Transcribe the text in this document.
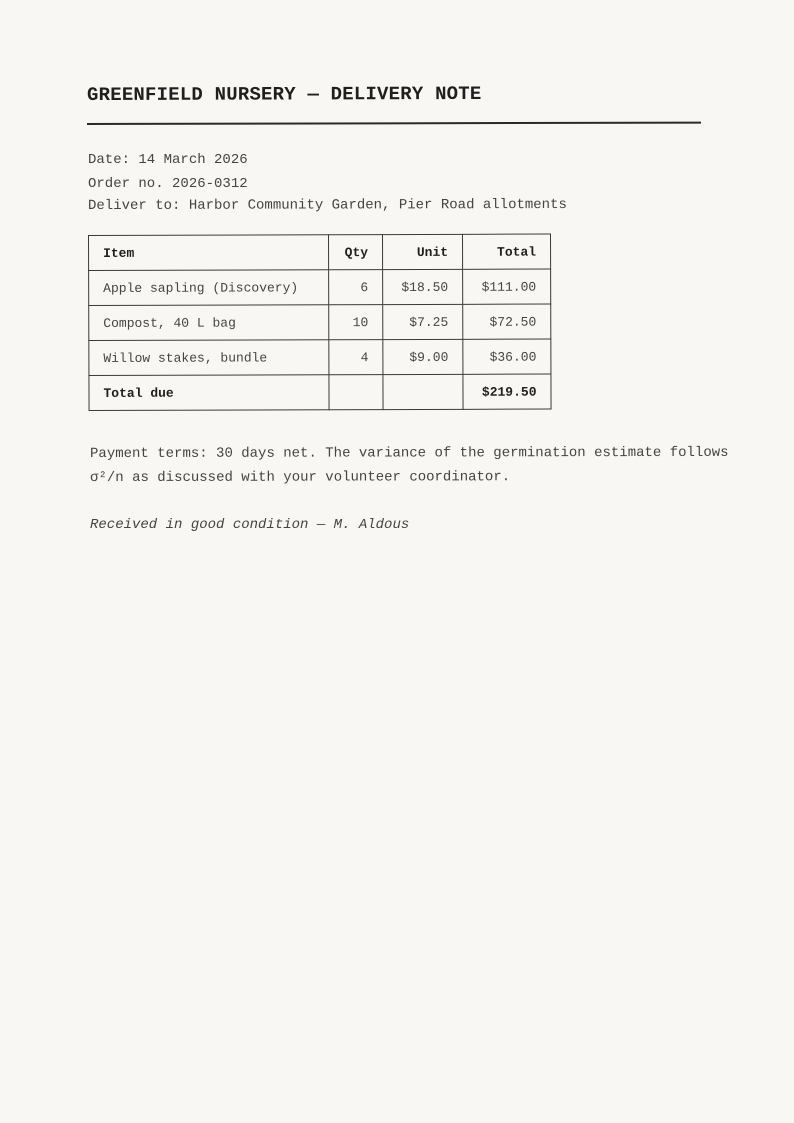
GREENFIELD NURSERY — DELIVERY NOTE
Date: 14 March 2026
Order no. 2026-0312
Deliver to: Harbor Community Garden, Pier Road allotments
Item	Qty	Unit	Total
Apple sapling (Discovery)	6	$18.50	$111.00
Compost, 40 L bag	10	$7.25	$72.50
Willow stakes, bundle	4	$9.00	$36.00
Total due			$219.50

Payment terms: 30 days net. The variance of the germination estimate follows σ²/n as discussed with your volunteer coordinator.

Received in good condition — M. Aldous
